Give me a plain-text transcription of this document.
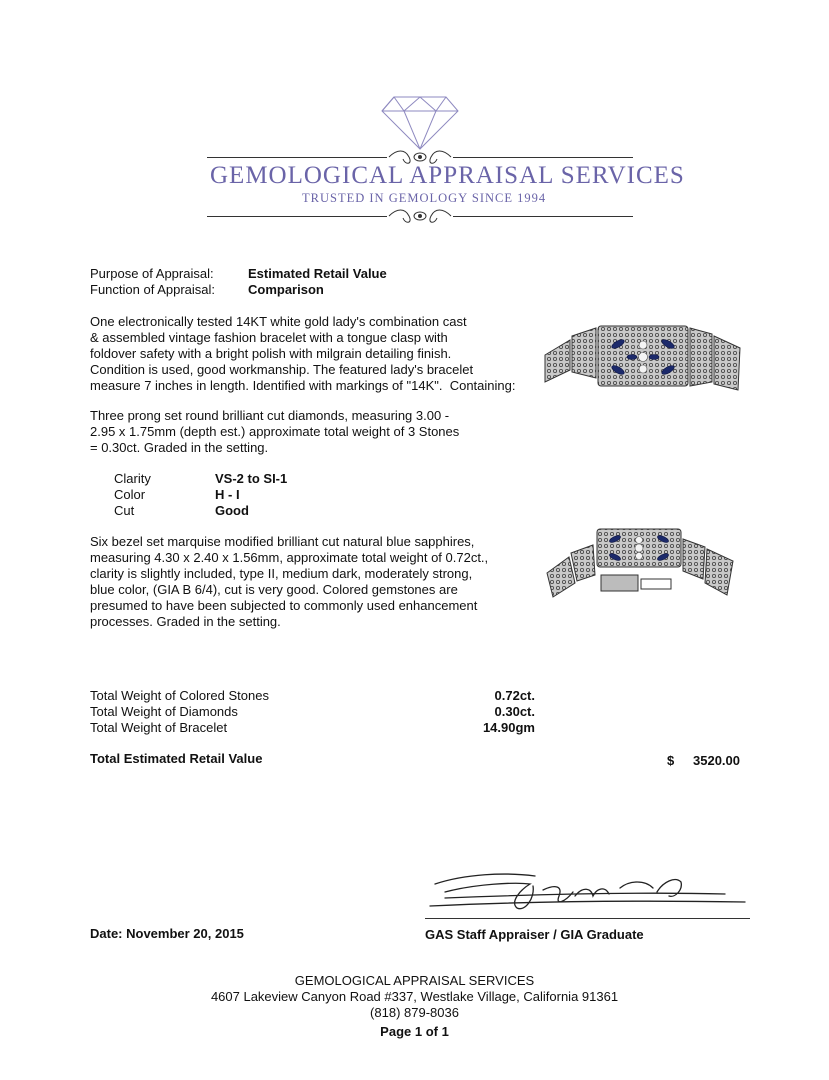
GEMOLOGICAL APPRAISAL SERVICES
TRUSTED IN GEMOLOGY SINCE 1994
Purpose of Appraisal:	Estimated Retail Value
Function of Appraisal:	Comparison
One electronically tested 14KT white gold lady's combination cast
& assembled vintage fashion bracelet with a tongue clasp with
foldover safety with a bright polish with milgrain detailing finish.
Condition is used, good workmanship. The featured lady's bracelet
measure 7 inches in length. Identified with markings of "14K".  Containing:
Three prong set round brilliant cut diamonds, measuring 3.00 -
2.95 x 1.75mm (depth est.) approximate total weight of 3 Stones
= 0.30ct. Graded in the setting.
Clarity	VS-2 to SI-1
Color	H - I
Cut	Good
Six bezel set marquise modified brilliant cut natural blue sapphires,
measuring 4.30 x 2.40 x 1.56mm, approximate total weight of 0.72ct.,
clarity is slightly included, type II, medium dark, moderately strong,
blue color, (GIA B 6/4), cut is very good. Colored gemstones are
presumed to have been subjected to commonly used enhancement
processes. Graded in the setting.
Total Weight of Colored Stones	0.72ct.
Total Weight of Diamonds	0.30ct.
Total Weight of Bracelet	14.90gm
Total Estimated Retail Value	$	3520.00
Date: November 20, 2015	GAS Staff Appraiser / GIA Graduate
GEMOLOGICAL APPRAISAL SERVICES
4607 Lakeview Canyon Road #337, Westlake Village, California 91361
(818) 879-8036
Page 1 of 1
